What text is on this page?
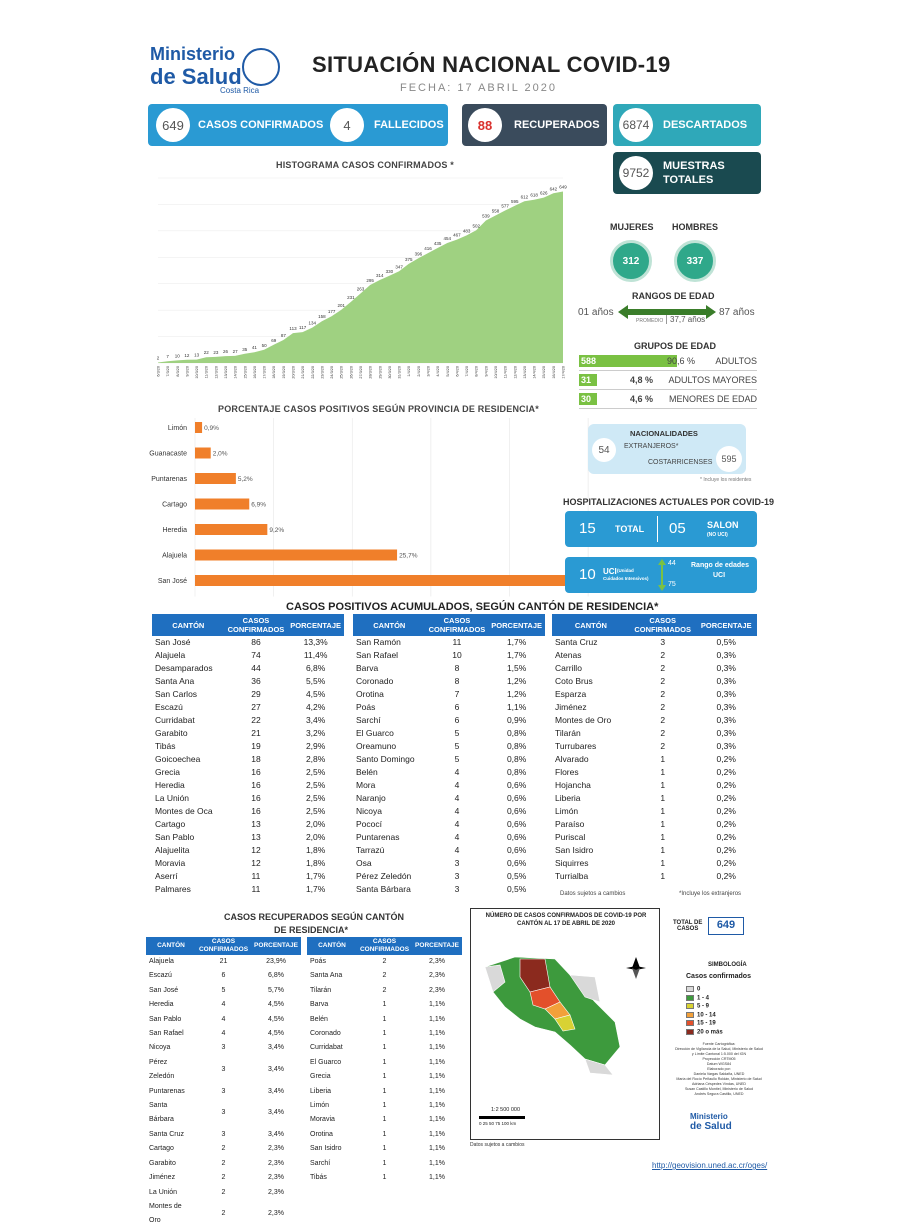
Ministerio
de Salud
Costa Rica
SITUACIÓN NACIONAL COVID-19
FECHA: 17 ABRIL 2020
649	CASOS CONFIRMADOS	4	FALLECIDOS	88	RECUPERADOS	6874	DESCARTADOS
9752	MUESTRAS
TOTALES
HISTOGRAMA CASOS CONFIRMADOS *
2
6/3/20
7
7/3/20
10
8/3/20
12
9/3/20
13
10/3/20
22
11/3/20
23
12/3/20
26
13/3/20
27
14/3/20
35
15/3/20
41
16/3/20
50
17/3/20
69
18/3/20
87
19/3/20
113
20/3/20
117
21/3/20
134
22/3/20
158
23/3/20
177
24/3/20
201
25/3/20
231
26/3/20
263
27/3/20
295
28/3/20
314
29/3/20
330
30/3/20
347
31/3/20
375
1/4/20
396
2/4/20
416
3/4/20
435
4/4/20
454
5/4/20
467
6/4/20
483
7/4/20
502
8/4/20
539
9/4/20
558
10/4/20
577
11/4/20
595
12/4/20
612
13/4/20
618
14/4/20
626
15/4/20
642
16/4/20
649
17/4/20
MUJERES HOMBRES
312	337
RANGOS DE EDAD
01 años	87 años
PROMEDIO 37,7 años
GRUPOS DE EDAD
588	90,6 % ADULTOS
31	4,8 % ADULTOS MAYORES
30	4,6 % MENORES DE EDAD
PORCENTAJE CASOS POSITIVOS SEGÚN PROVINCIA DE RESIDENCIA*
Limón	0,9%
Guanacaste	2,0%
Puntarenas	5,2%
Cartago	6,9%
Heredia	9,2%
Alajuela	25,7%
San José
NACIONALIDADES
54	EXTRANJEROS*
COSTARRICENSES	595
* Incluye los residentes
HOSPITALIZACIONES ACTUALES POR COVID-19
15 TOTAL 05 SALON
(NO UCI)
10 UCI (Unidad
Cuidados Intensivos)
44
75
Rango de edades
UCI
CASOS POSITIVOS ACUMULADOS, SEGÚN CANTÓN DE RESIDENCIA*
CANTÓN	CASOS CONFIRMADOS	PORCENTAJE
San José	86	13,3%
Alajuela	74	11,4%
Desamparados	44	6,8%
Santa Ana	36	5,5%
San Carlos	29	4,5%
Escazú	27	4,2%
Curridabat	22	3,4%
Garabito	21	3,2%
Tibás	19	2,9%
Goicoechea	18	2,8%
Grecia	16	2,5%
Heredia	16	2,5%
La Unión	16	2,5%
Montes de Oca	16	2,5%
Cartago	13	2,0%
San Pablo	13	2,0%
Alajuelita	12	1,8%
Moravia	12	1,8%
Aserrí	11	1,7%
Palmares	11	1,7%
CANTÓN	CASOS CONFIRMADOS	PORCENTAJE
San Ramón	11	1,7%
San Rafael	10	1,7%
Barva	8	1,5%
Coronado	8	1,2%
Orotina	7	1,2%
Poás	6	1,1%
Sarchí	6	0,9%
El Guarco	5	0,8%
Oreamuno	5	0,8%
Santo Domingo	5	0,8%
Belén	4	0,8%
Mora	4	0,6%
Naranjo	4	0,6%
Nicoya	4	0,6%
Pococí	4	0,6%
Puntarenas	4	0,6%
Tarrazú	4	0,6%
Osa	3	0,6%
Pérez Zeledón	3	0,5%
Santa Bárbara	3	0,5%
CANTÓN	CASOS CONFIRMADOS	PORCENTAJE
Santa Cruz	3	0,5%
Atenas	2	0,3%
Carrillo	2	0,3%
Coto Brus	2	0,3%
Esparza	2	0,3%
Jiménez	2	0,3%
Montes de Oro	2	0,3%
Tilarán	2	0,3%
Turrubares	2	0,3%
Alvarado	1	0,2%
Flores	1	0,2%
Hojancha	1	0,2%
Liberia	1	0,2%
Limón	1	0,2%
Paraíso	1	0,2%
Puriscal	1	0,2%
San Isidro	1	0,2%
Siquirres	1	0,2%
Turrialba	1	0,2%
Datos sujetos a cambios	*Incluye los extranjeros
CASOS RECUPERADOS SEGÚN CANTÓN
DE RESIDENCIA*
CANTÓN	CASOS CONFIRMADOS	PORCENTAJE
Alajuela	21	23,9%
Escazú	6	6,8%
San José	5	5,7%
Heredia	4	4,5%
San Pablo	4	4,5%
San Rafael	4	4,5%
Nicoya	3	3,4%
Pérez Zeledón	3	3,4%
Puntarenas	3	3,4%
Santa Bárbara	3	3,4%
Santa Cruz	3	3,4%
Cartago	2	2,3%
Garabito	2	2,3%
Jiménez	2	2,3%
La Unión	2	2,3%
Montes de Oro	2	2,3%
CANTÓN	CASOS CONFIRMADOS	PORCENTAJE
Poás	2	2,3%
Santa Ana	2	2,3%
Tilarán	2	2,3%
Barva	1	1,1%
Belén	1	1,1%
Coronado	1	1,1%
Curridabat	1	1,1%
El Guarco	1	1,1%
Grecia	1	1,1%
Liberia	1	1,1%
Limón	1	1,1%
Moravia	1	1,1%
Orotina	1	1,1%
San Isidro	1	1,1%
Sarchí	1	1,1%
Tibás	1	1,1%
NÚMERO DE CASOS CONFIRMADOS DE COVID-19 POR
CANTÓN AL 17 DE ABRIL DE 2020
1:2 500 000
0 25 50 75 100 km
Datos sujetos a cambios
TOTAL DE
CASOS	649
SIMBOLOGÍA
Casos confirmados
0
1 - 4
5 - 9
10 - 14
15 - 19
20 o más
Fuente Cartográfica:
Dirección de Vigilancia de la Salud, Ministerio de Salud
y Límite Cantonal 1:5.000 del IGN
Proyección CRTM05
Datum WGS84
Elaborado por:
Daniela Vargas Saldaña, UNED
María del Rocío Peñaullo Roldán, Ministerio de Salud
Adriana Céspedes Víndas, UNED
Susan Castillo Montiel, Ministerio de Salud
Andrés Segura Castillo, UNED
Ministerio
de Salud
http://geovision.uned.ac.cr/oges/
